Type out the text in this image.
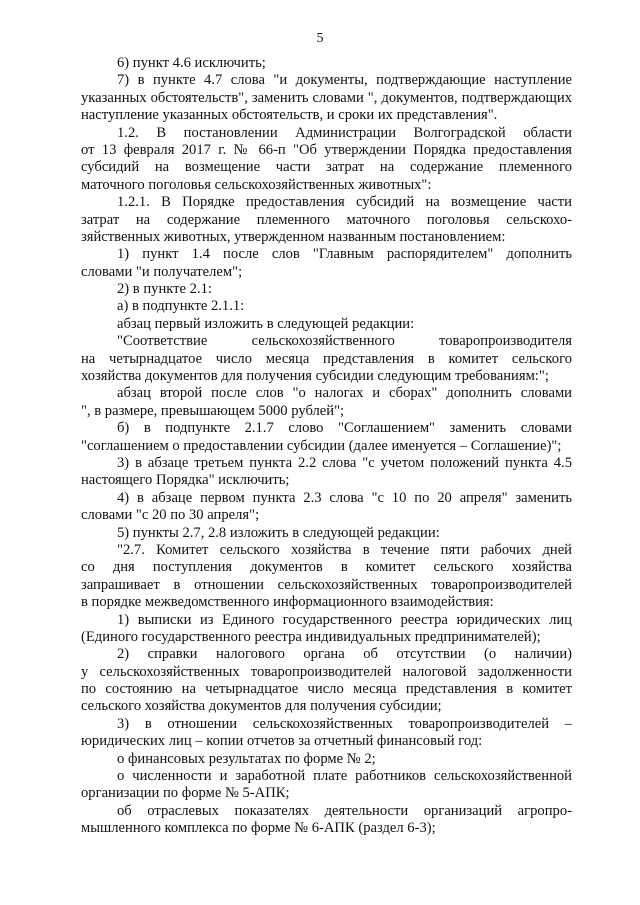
5
6) пункт 4.6 исключить;
7) в пункте 4.7 слова "и документы, подтверждающие наступление
указанных обстоятельств", заменить словами ", документов, подтверждающих
наступление указанных обстоятельств, и сроки их представления".
1.2. В постановлении Администрации Волгоградской области
от 13 февраля 2017 г. № 66-п "Об утверждении Порядка предоставления
субсидий на возмещение части затрат на содержание племенного
маточного поголовья сельскохозяйственных животных":
1.2.1. В Порядке предоставления субсидий на возмещение части
затрат на содержание племенного маточного поголовья сельскохо-
зяйственных животных, утвержденном названным постановлением:
1) пункт 1.4 после слов "Главным распорядителем" дополнить
словами "и получателем";
2) в пункте 2.1:
а) в подпункте 2.1.1:
абзац первый изложить в следующей редакции:
"Соответствие сельскохозяйственного товаропроизводителя
на четырнадцатое число месяца представления в комитет сельского
хозяйства документов для получения субсидии следующим требованиям:";
абзац второй после слов "о налогах и сборах" дополнить словами
", в размере, превышающем 5000 рублей";
б) в подпункте 2.1.7 слово "Соглашением" заменить словами
"соглашением о предоставлении субсидии (далее именуется – Соглашение)";
3) в абзаце третьем пункта 2.2 слова "с учетом положений пункта 4.5
настоящего Порядка" исключить;
4) в абзаце первом пункта 2.3 слова "с 10 по 20 апреля" заменить
словами "с 20 по 30 апреля";
5) пункты 2.7, 2.8 изложить в следующей редакции:
"2.7. Комитет сельского хозяйства в течение пяти рабочих дней
со дня поступления документов в комитет сельского хозяйства
запрашивает в отношении сельскохозяйственных товаропроизводителей
в порядке межведомственного информационного взаимодействия:
1) выписки из Единого государственного реестра юридических лиц
(Единого государственного реестра индивидуальных предпринимателей);
2) справки налогового органа об отсутствии (о наличии)
у сельскохозяйственных товаропроизводителей налоговой задолженности
по состоянию на четырнадцатое число месяца представления в комитет
сельского хозяйства документов для получения субсидии;
3) в отношении сельскохозяйственных товаропроизводителей –
юридических лиц – копии отчетов за отчетный финансовый год:
о финансовых результатах по форме № 2;
о численности и заработной плате работников сельскохозяйственной
организации по форме № 5-АПК;
об отраслевых показателях деятельности организаций агропро-
мышленного комплекса по форме № 6-АПК (раздел 6-3);
